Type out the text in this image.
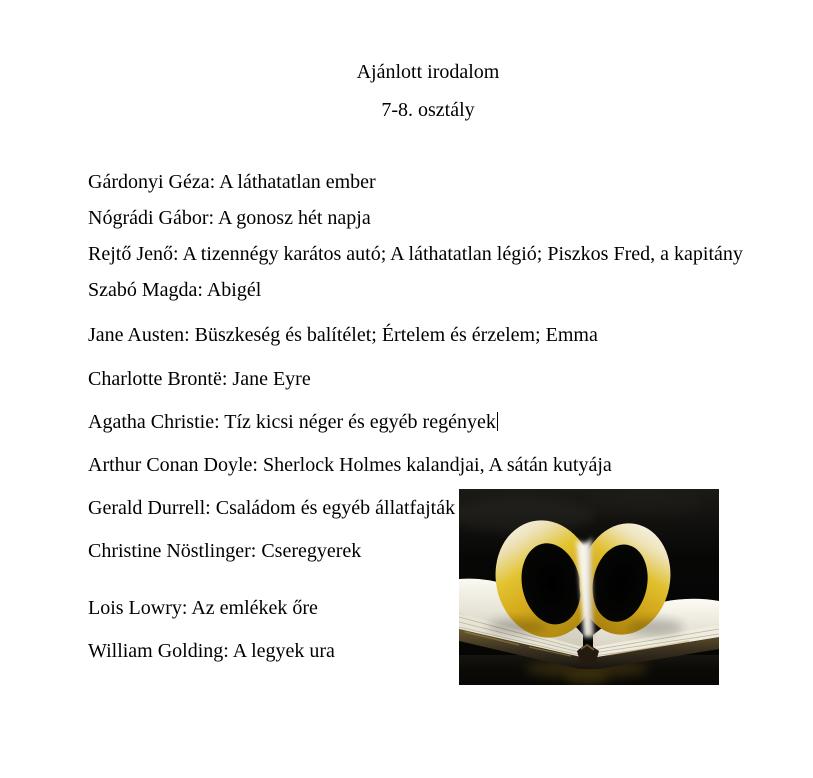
Ajánlott irodalom
7-8. osztály
Gárdonyi Géza: A láthatatlan ember
Nógrádi Gábor: A gonosz hét napja
Rejtő Jenő: A tizennégy karátos autó; A láthatatlan légió; Piszkos Fred, a kapitány
Szabó Magda: Abigél
Jane Austen: Büszkeség és balítélet; Értelem és érzelem; Emma
Charlotte Brontë: Jane Eyre
Agatha Christie: Tíz kicsi néger és egyéb regények
Arthur Conan Doyle: Sherlock Holmes kalandjai, A sátán kutyája
Gerald Durrell: Családom és egyéb állatfajták
Christine Nöstlinger: Cseregyerek
Lois Lowry: Az emlékek őre
William Golding: A legyek ura
